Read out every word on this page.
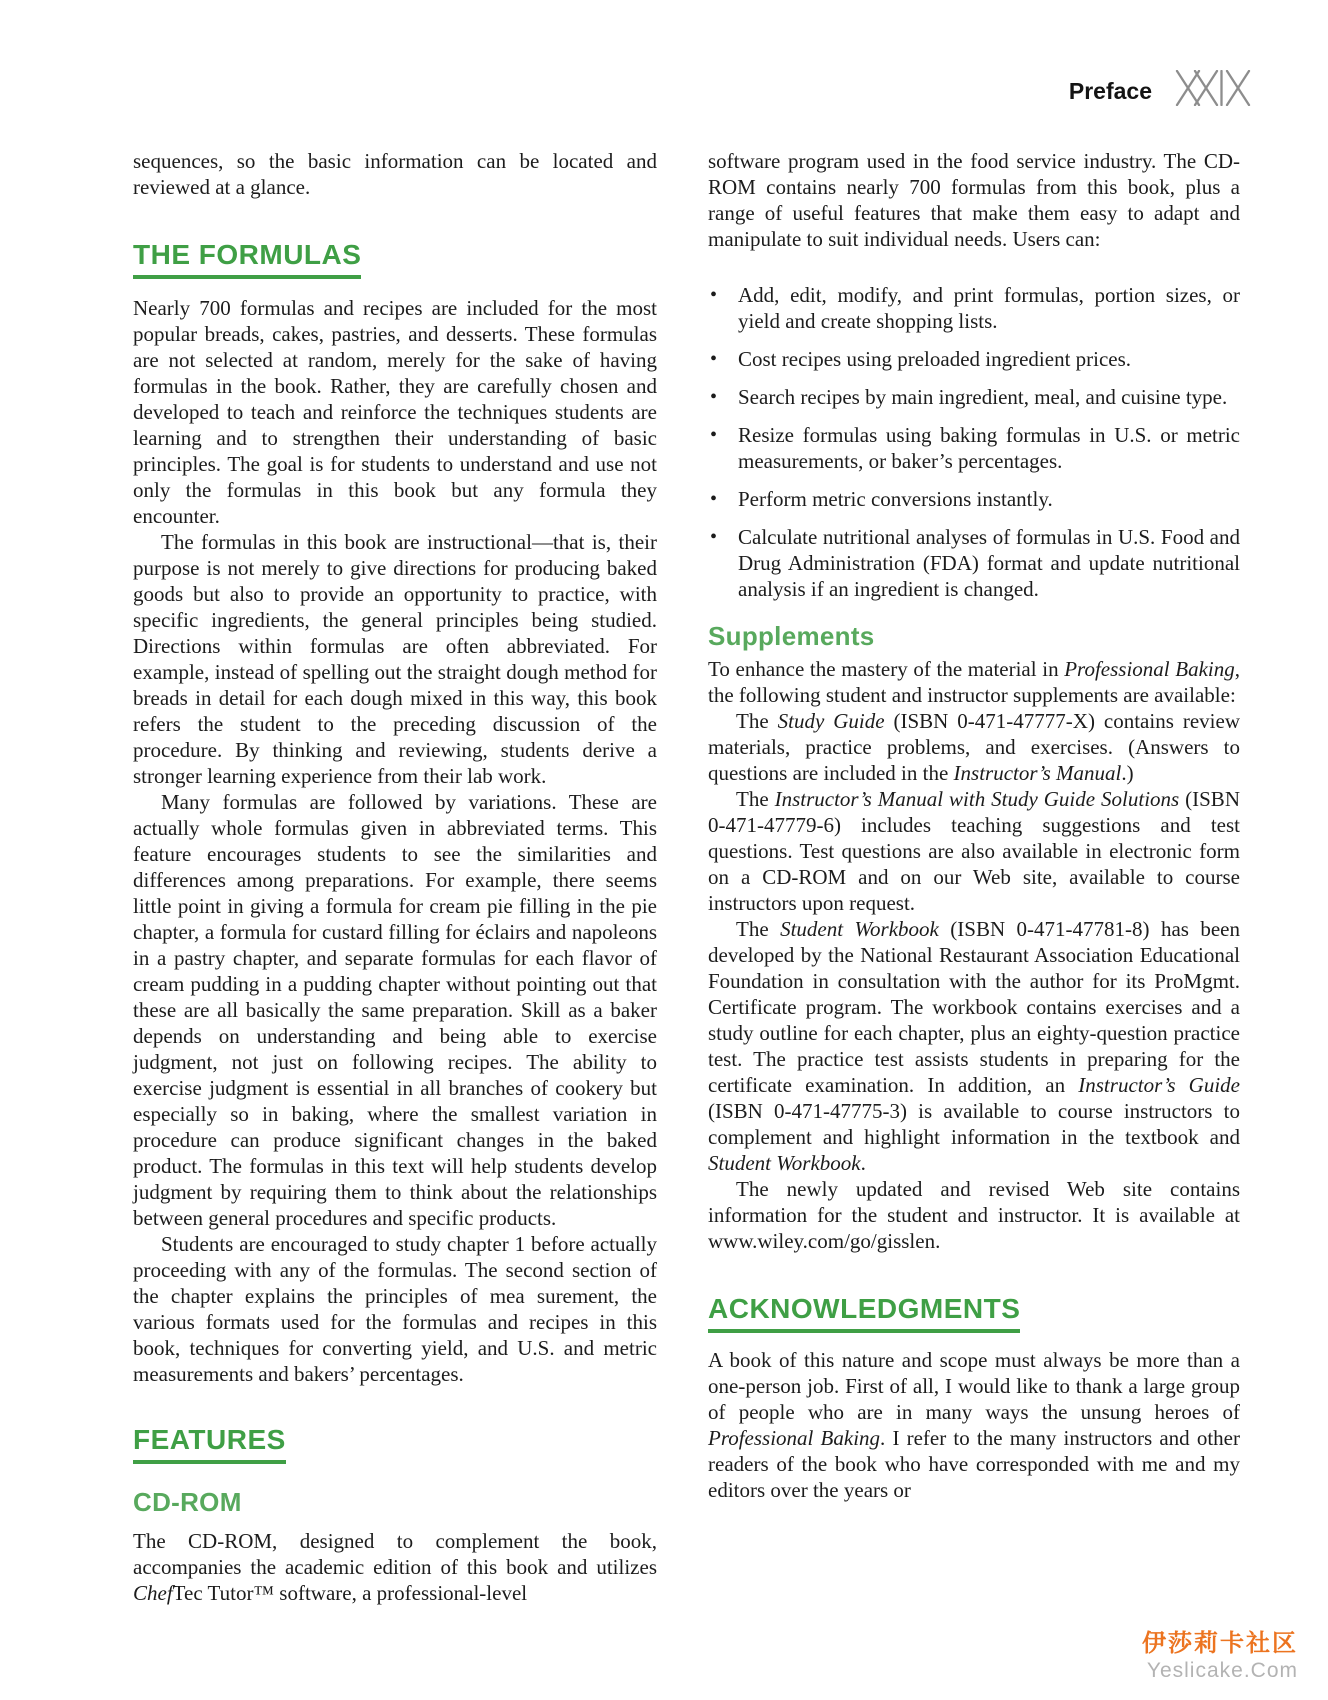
Preface

sequences, so the basic information can be located and reviewed at a glance.

THE FORMULAS

Nearly 700 formulas and recipes are included for the most popular breads, cakes, pastries, and desserts. These formulas are not selected at random, merely for the sake of having formulas in the book. Rather, they are carefully chosen and developed to teach and reinforce the techniques students are learning and to strengthen their understanding of basic principles. The goal is for students to understand and use not only the formulas in this book but any formula they encounter.

The formulas in this book are instructional—that is, their purpose is not merely to give directions for producing baked goods but also to provide an opportunity to practice, with specific ingredients, the general principles being studied. Directions within formulas are often abbreviated. For example, instead of spelling out the straight dough method for breads in detail for each dough mixed in this way, this book refers the student to the preceding discussion of the procedure. By thinking and reviewing, students derive a stronger learning experience from their lab work.

Many formulas are followed by variations. These are actually whole formulas given in abbreviated terms. This feature encourages students to see the similarities and differences among preparations. For example, there seems little point in giving a formula for cream pie filling in the pie chapter, a formula for custard filling for éclairs and napoleons in a pastry chapter, and separate formulas for each flavor of cream pudding in a pudding chapter without pointing out that these are all basically the same preparation. Skill as a baker depends on understanding and being able to exercise judgment, not just on following recipes. The ability to exercise judgment is essential in all branches of cookery but especially so in baking, where the smallest variation in procedure can produce significant changes in the baked product. The formulas in this text will help students develop judgment by requiring them to think about the relationships between general procedures and specific products.

Students are encouraged to study chapter 1 before actually proceeding with any of the formulas. The second section of the chapter explains the principles of mea surement, the various formats used for the formulas and recipes in this book, techniques for converting yield, and U.S. and metric measurements and bakers’ percentages.

FEATURES
CD-ROM

The CD-ROM, designed to complement the book, accompanies the academic edition of this book and utilizes ChefTec Tutor™ software, a professional-level

software program used in the food service industry. The CD-ROM contains nearly 700 formulas from this book, plus a range of useful features that make them easy to adapt and manipulate to suit individual needs. Users can:

• Add, edit, modify, and print formulas, portion sizes, or yield and create shopping lists.

• Cost recipes using preloaded ingredient prices.

• Search recipes by main ingredient, meal, and cuisine type.

• Resize formulas using baking formulas in U.S. or metric measurements, or baker’s percentages.

• Perform metric conversions instantly.

• Calculate nutritional analyses of formulas in U.S. Food and Drug Administration (FDA) format and update nutritional analysis if an ingredient is changed.

Supplements

To enhance the mastery of the material in Professional Baking, the following student and instructor supplements are available:

The Study Guide (ISBN 0-471-47777-X) contains review materials, practice problems, and exercises. (Answers to questions are included in the Instructor’s Manual.)

The Instructor’s Manual with Study Guide Solutions (ISBN 0-471-47779-6) includes teaching suggestions and test questions. Test questions are also available in electronic form on a CD-ROM and on our Web site, available to course instructors upon request.

The Student Workbook (ISBN 0-471-47781-8) has been developed by the National Restaurant Association Educational Foundation in consultation with the author for its ProMgmt. Certificate program. The workbook contains exercises and a study outline for each chapter, plus an eighty-question practice test. The practice test assists students in preparing for the certificate examination. In addition, an Instructor’s Guide (ISBN 0-471-47775-3) is available to course instructors to complement and highlight information in the textbook and Student Workbook.

The newly updated and revised Web site contains information for the student and instructor. It is available at www.wiley.com/go/gisslen.

ACKNOWLEDGMENTS

A book of this nature and scope must always be more than a one-person job. First of all, I would like to thank a large group of people who are in many ways the unsung heroes of Professional Baking. I refer to the many instructors and other readers of the book who have corresponded with me and my editors over the years or

伊莎莉卡社区
Yeslicake.Com
